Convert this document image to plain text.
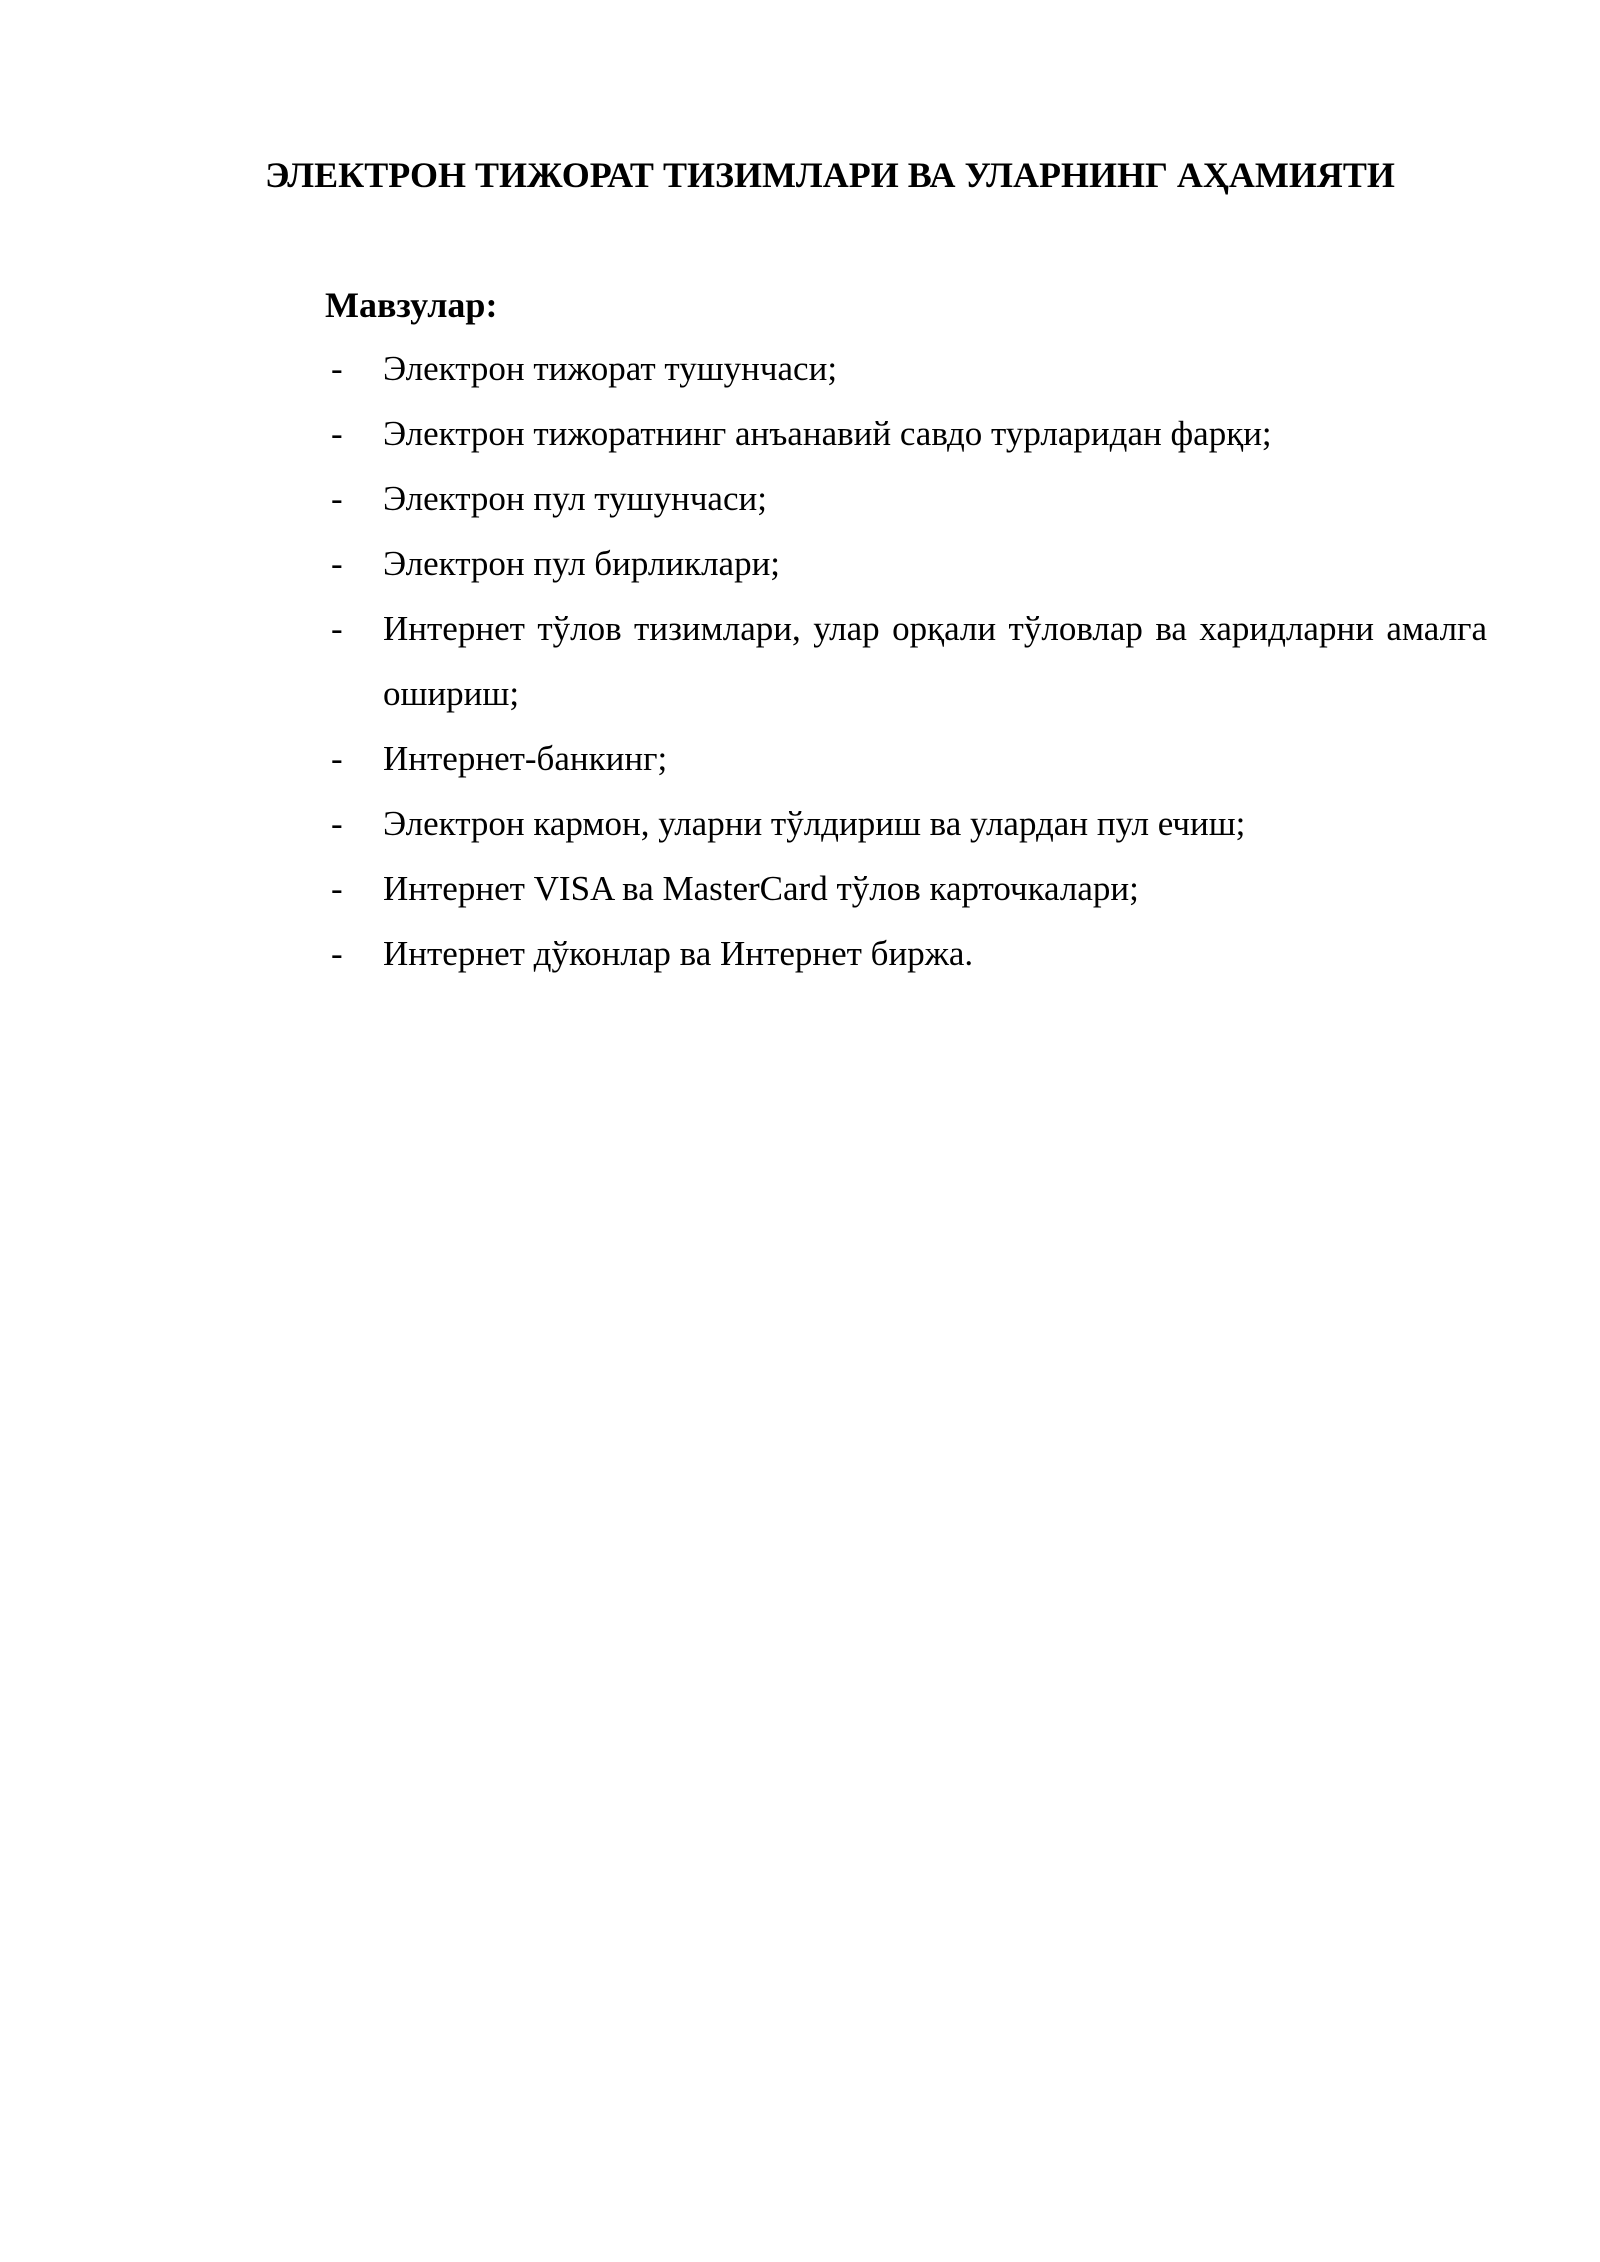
ЭЛЕКТРОН ТИЖОРАТ ТИЗИМЛАРИ ВА УЛАРНИНГ АҲАМИЯТИ

Мавзулар:

- Электрон тижорат тушунчаси;
- Электрон тижоратнинг анъанавий савдо турларидан фарқи;
- Электрон пул тушунчаси;
- Электрон пул бирликлари;
- Интернет тўлов тизимлари, улар орқали тўловлар ва харидларни амалга ошириш;
- Интернет-банкинг;
- Электрон кармон, уларни тўлдириш ва улардан пул ечиш;
- Интернет VISA ва MasterCard тўлов карточкалари;
- Интернет дўконлар ва Интернет биржа.
